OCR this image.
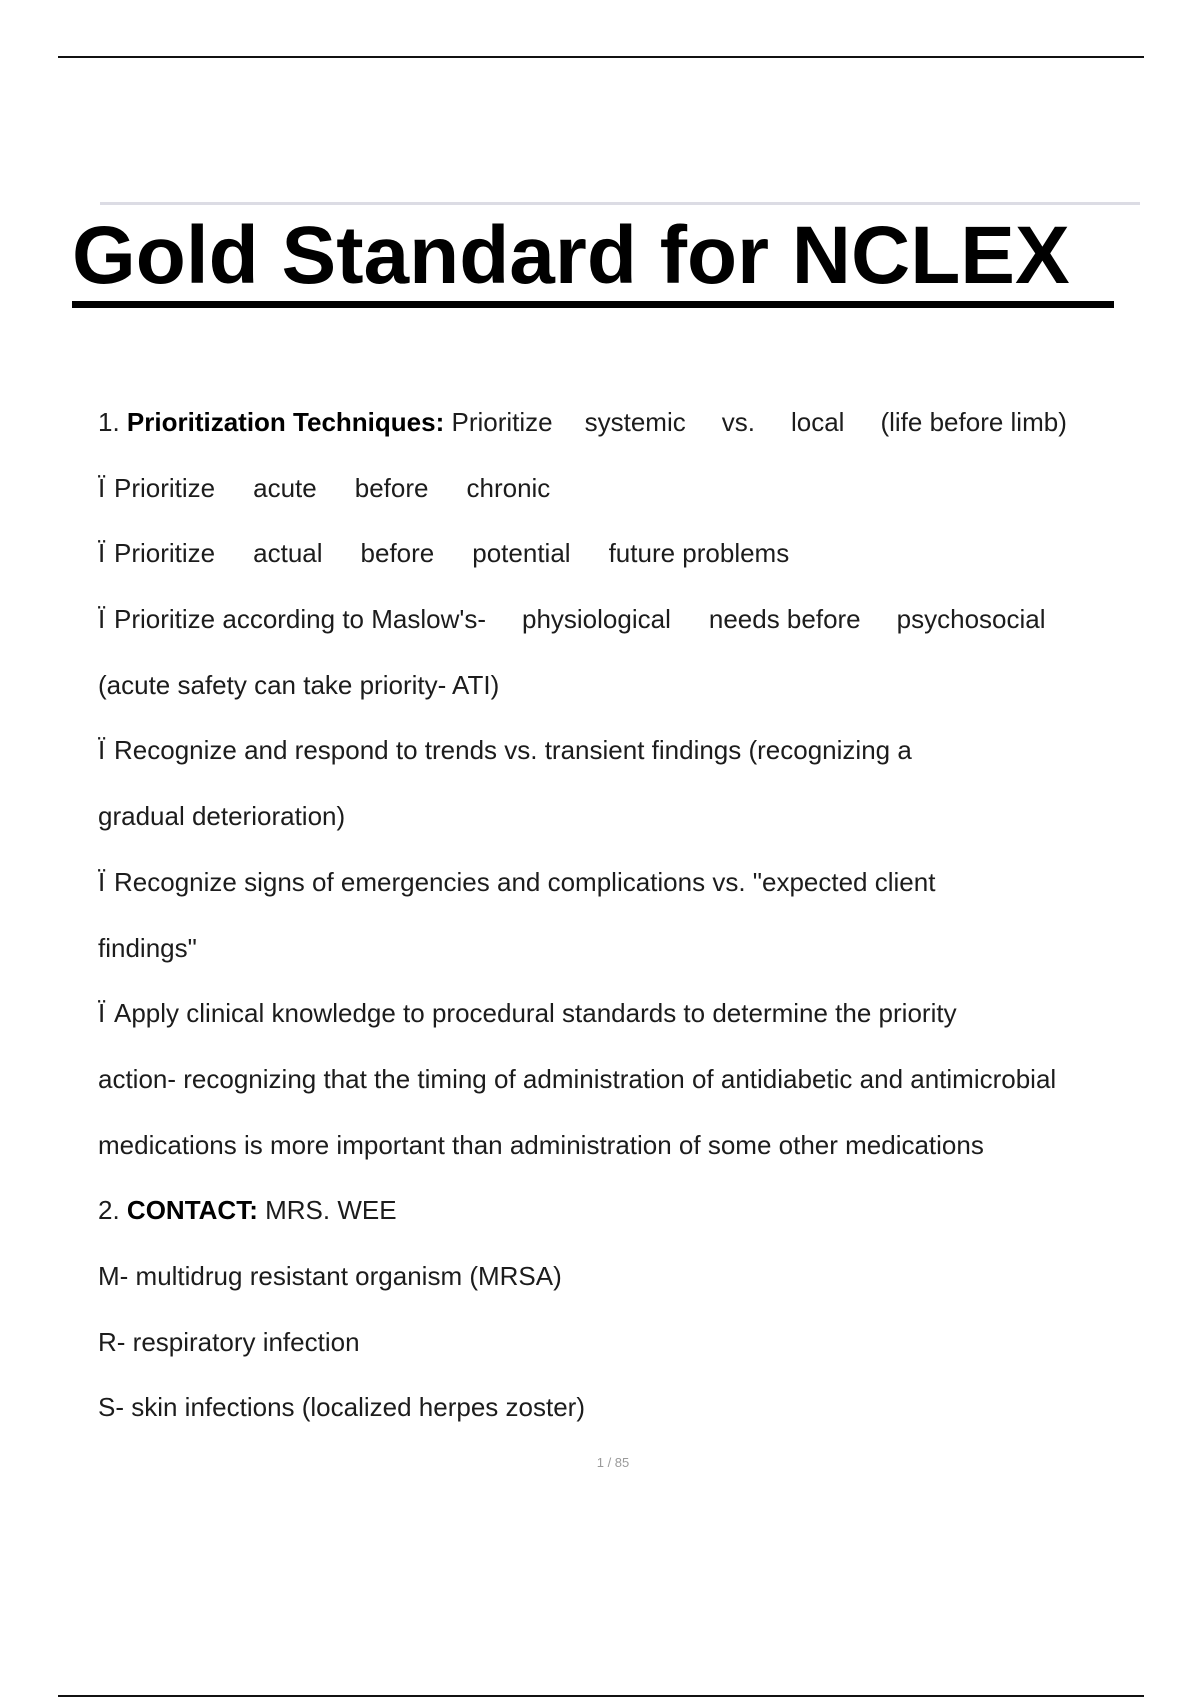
Gold Standard for NCLEX
1. Prioritization Techniques: Prioritize systemic vs. local (life before limb)
Ï Prioritize acute before chronic
Ï Prioritize actual before potential future problems
Ï Prioritize according to Maslow's- physiological needs before psychosocial
(acute safety can take priority- ATI)
Ï Recognize and respond to trends vs. transient findings (recognizing a
gradual deterioration)
Ï Recognize signs of emergencies and complications vs. "expected client
findings"
Ï Apply clinical knowledge to procedural standards to determine the priority
action- recognizing that the timing of administration of antidiabetic and antimicrobial
medications is more important than administration of some other medications
2. CONTACT: MRS. WEE
M- multidrug resistant organism (MRSA)
R- respiratory infection
S- skin infections (localized herpes zoster)
1 / 85
